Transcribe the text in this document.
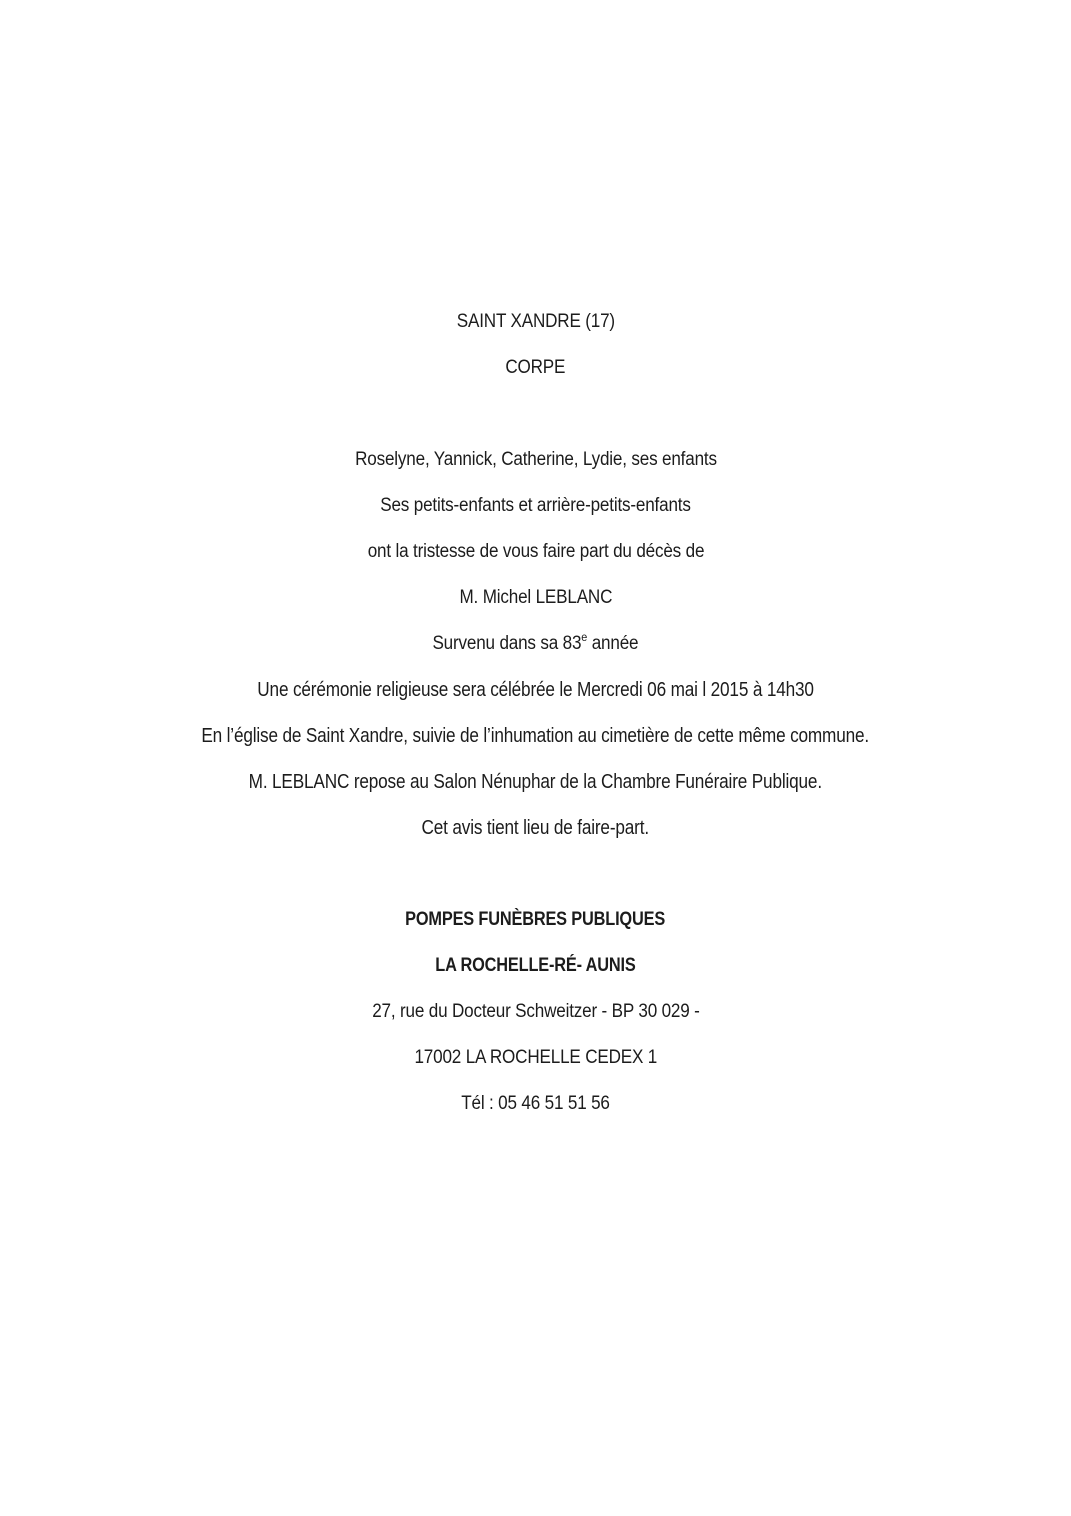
SAINT XANDRE (17)

CORPE

Roselyne, Yannick, Catherine, Lydie, ses enfants

Ses petits-enfants et arrière-petits-enfants

ont la tristesse de vous faire part du décès de

M. Michel LEBLANC

Survenu dans sa 83e année

Une cérémonie religieuse sera célébrée le Mercredi 06 mai l 2015 à 14h30

En l’église de Saint Xandre, suivie de l’inhumation au cimetière de cette même commune.

M. LEBLANC repose au Salon Nénuphar de la Chambre Funéraire Publique.

Cet avis tient lieu de faire-part.

POMPES FUNÈBRES PUBLIQUES

LA ROCHELLE-RÉ- AUNIS

27, rue du Docteur Schweitzer - BP 30 029 -

17002 LA ROCHELLE CEDEX 1

Tél : 05 46 51 51 56
